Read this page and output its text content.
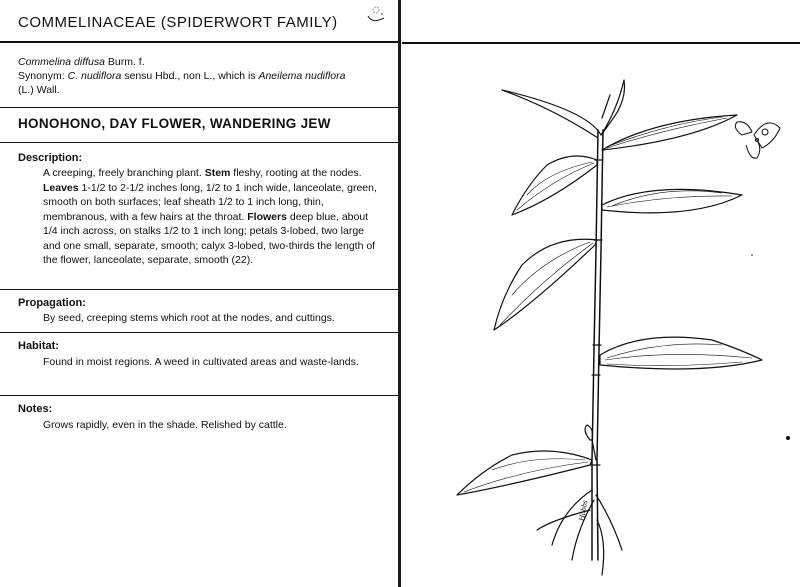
COMMELINACEAE (SPIDERWORT FAMILY)
Commelina diffusa Burm. f.
Synonym: C. nudiflora sensu Hbd., non L., which is Aneilema nudiflora
(L.) Wall.
HONOHONO, DAY FLOWER, WANDERING JEW
Description:
A creeping, freely branching plant. Stem fleshy, rooting at the nodes. Leaves 1-1/2 to 2-1/2 inches long, 1/2 to 1 inch wide, lanceolate, green, smooth on both surfaces; leaf sheath 1/2 to 1 inch long, thin, membranous, with a few hairs at the throat. Flowers deep blue, about 1/4 inch across, on stalks 1/2 to 1 inch long; petals 3-lobed, two large and one small, separate, smooth; calyx 3-lobed, two-thirds the length of the flower, lanceolate, separate, smooth (22).
Propagation:
By seed, creeping stems which root at the nodes, and cuttings.
Habitat:
Found in moist regions. A weed in cultivated areas and waste-lands.
Notes:
Grows rapidly, even in the shade. Relished by cattle.
Hobbs
